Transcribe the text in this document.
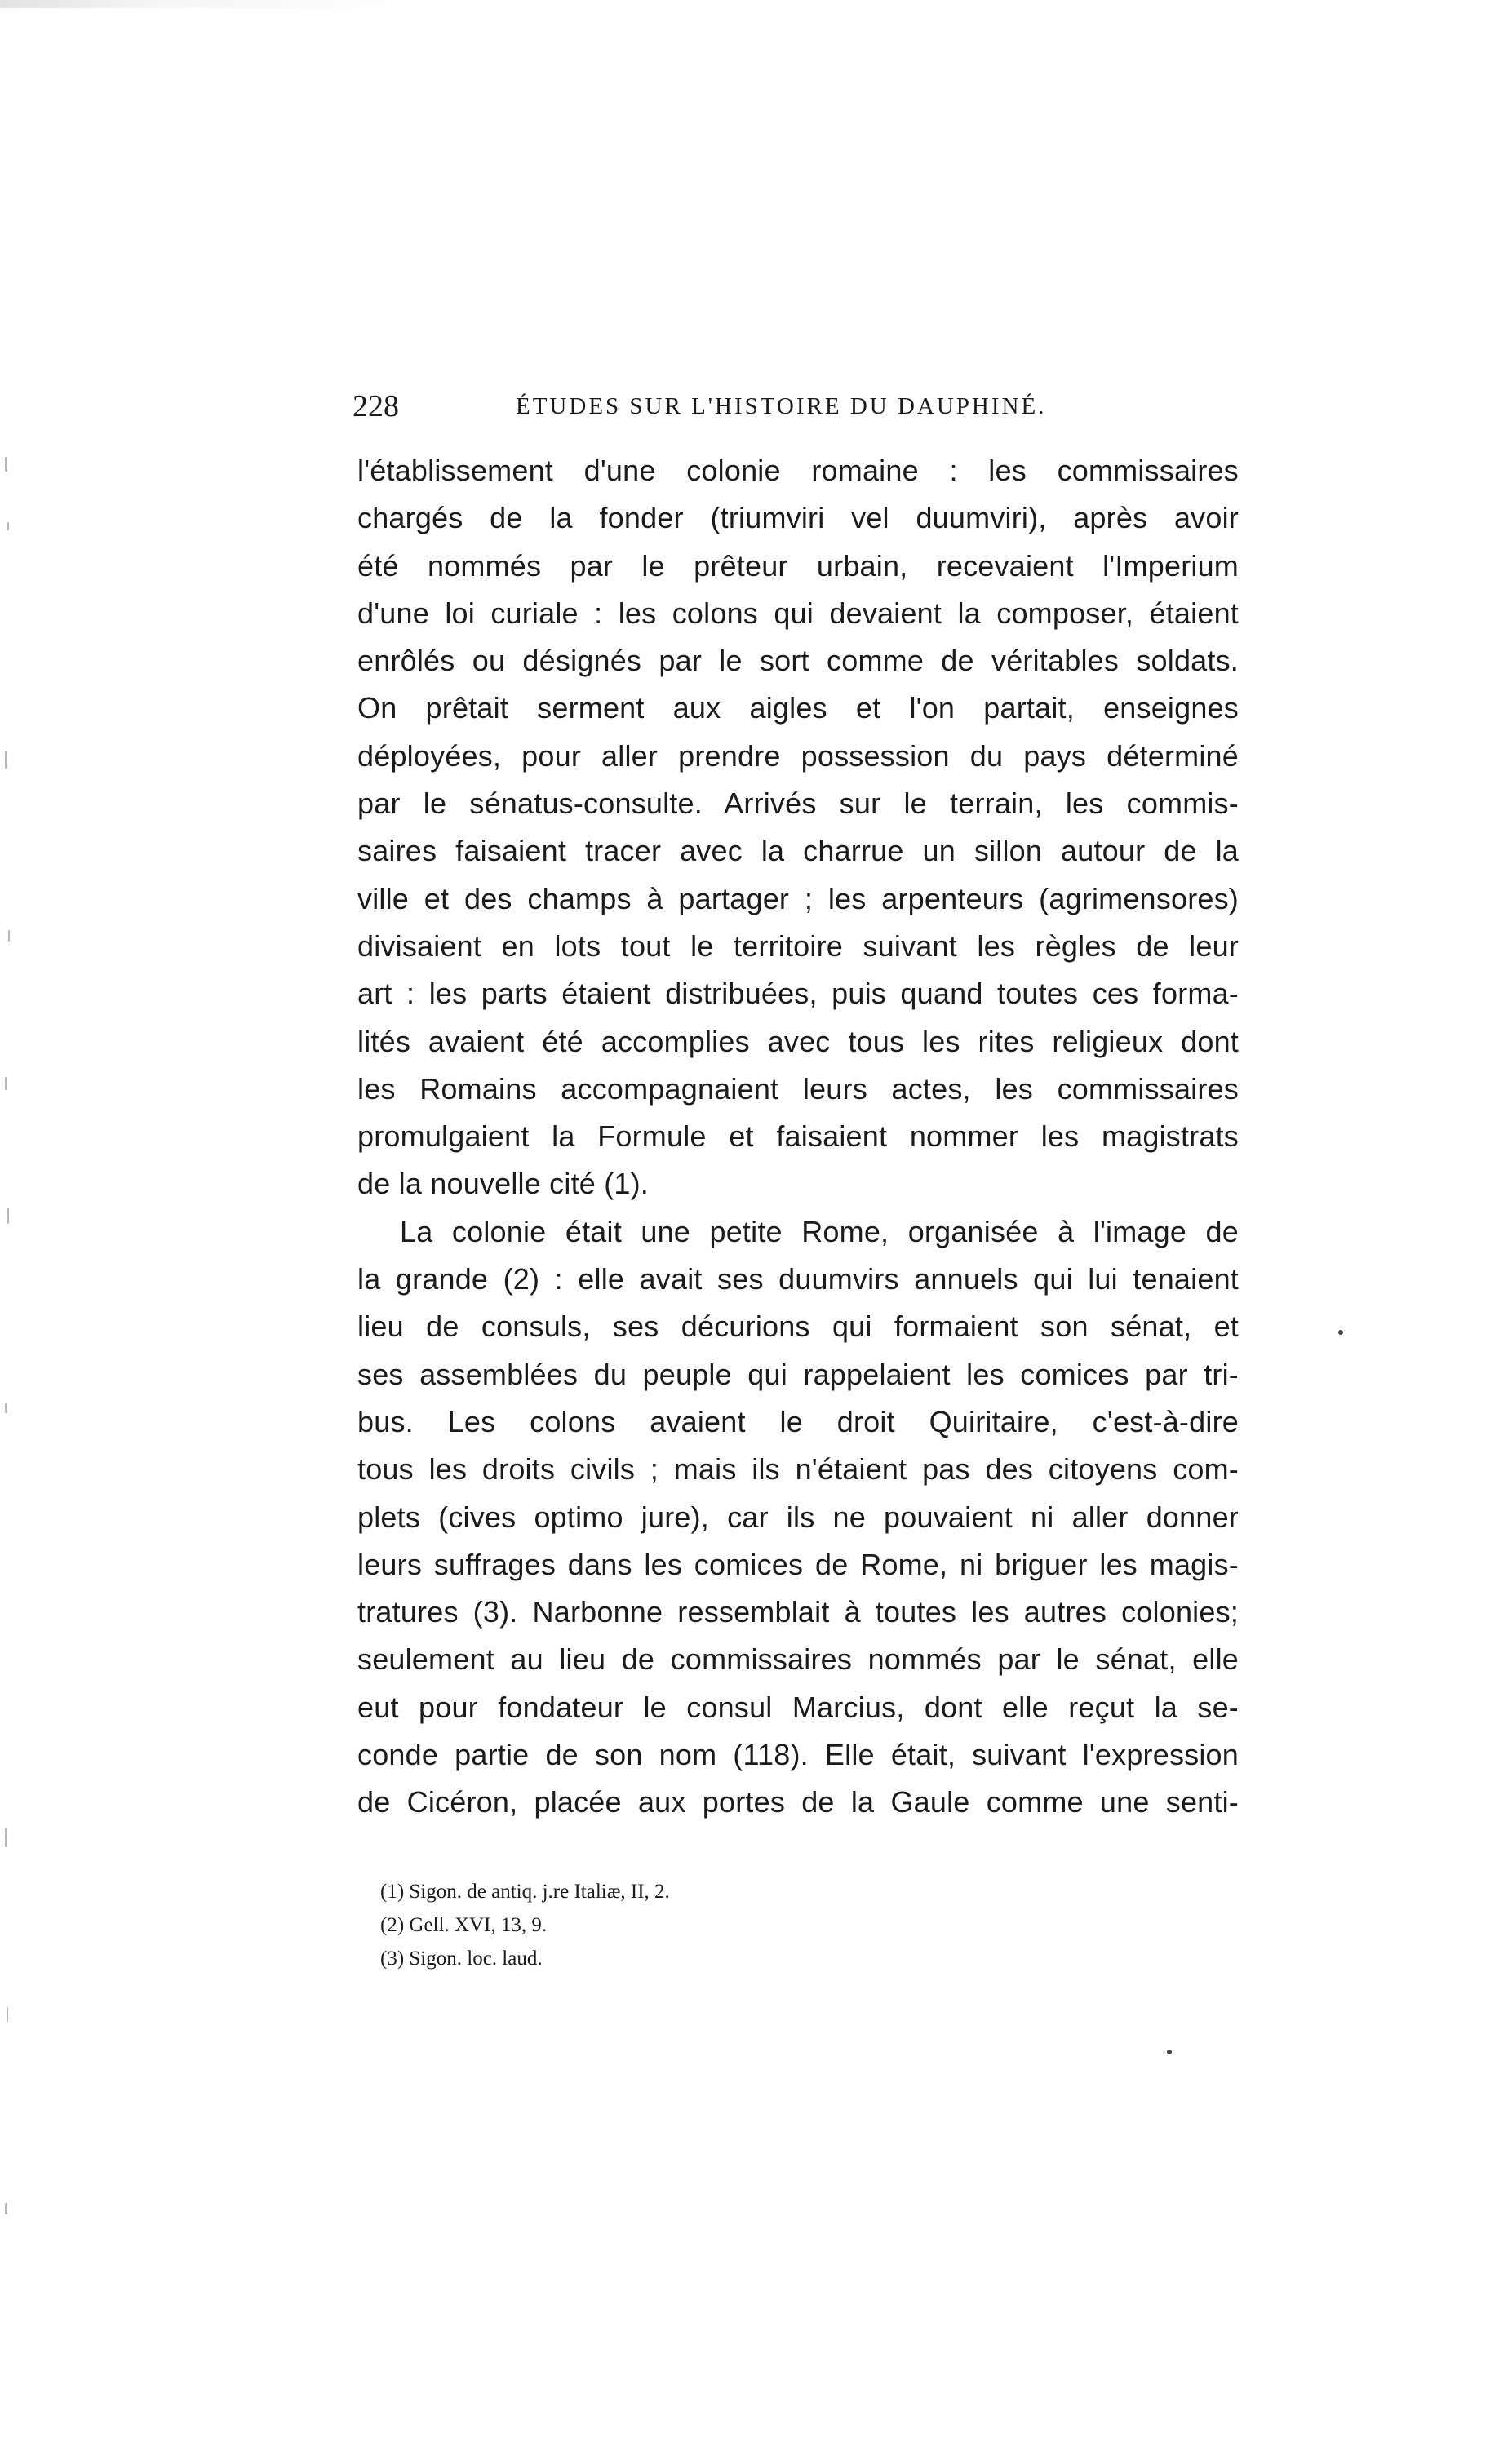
228	ÉTUDES SUR L'HISTOIRE DU DAUPHINÉ.
l'établissement d'une colonie romaine : les commissaires
chargés de la fonder (triumviri vel duumviri), après avoir
été nommés par le prêteur urbain, recevaient l'Imperium
d'une loi curiale : les colons qui devaient la composer, étaient
enrôlés ou désignés par le sort comme de véritables soldats.
On prêtait serment aux aigles et l'on partait, enseignes
déployées, pour aller prendre possession du pays déterminé
par le sénatus-consulte. Arrivés sur le terrain, les commis-
saires faisaient tracer avec la charrue un sillon autour de la
ville et des champs à partager ; les arpenteurs (agrimensores)
divisaient en lots tout le territoire suivant les règles de leur
art : les parts étaient distribuées, puis quand toutes ces forma-
lités avaient été accomplies avec tous les rites religieux dont
les Romains accompagnaient leurs actes, les commissaires
promulgaient la Formule et faisaient nommer les magistrats
de la nouvelle cité (1).
La colonie était une petite Rome, organisée à l'image de
la grande (2) : elle avait ses duumvirs annuels qui lui tenaient
lieu de consuls, ses décurions qui formaient son sénat, et
ses assemblées du peuple qui rappelaient les comices par tri-
bus. Les colons avaient le droit Quiritaire, c'est-à-dire
tous les droits civils ; mais ils n'étaient pas des citoyens com-
plets (cives optimo jure), car ils ne pouvaient ni aller donner
leurs suffrages dans les comices de Rome, ni briguer les magis-
tratures (3). Narbonne ressemblait à toutes les autres colonies;
seulement au lieu de commissaires nommés par le sénat, elle
eut pour fondateur le consul Marcius, dont elle reçut la se-
conde partie de son nom (118). Elle était, suivant l'expression
de Cicéron, placée aux portes de la Gaule comme une senti-
(1) Sigon. de antiq. j.re Italiæ, II, 2.
(2) Gell. XVI, 13, 9.
(3) Sigon. loc. laud.
